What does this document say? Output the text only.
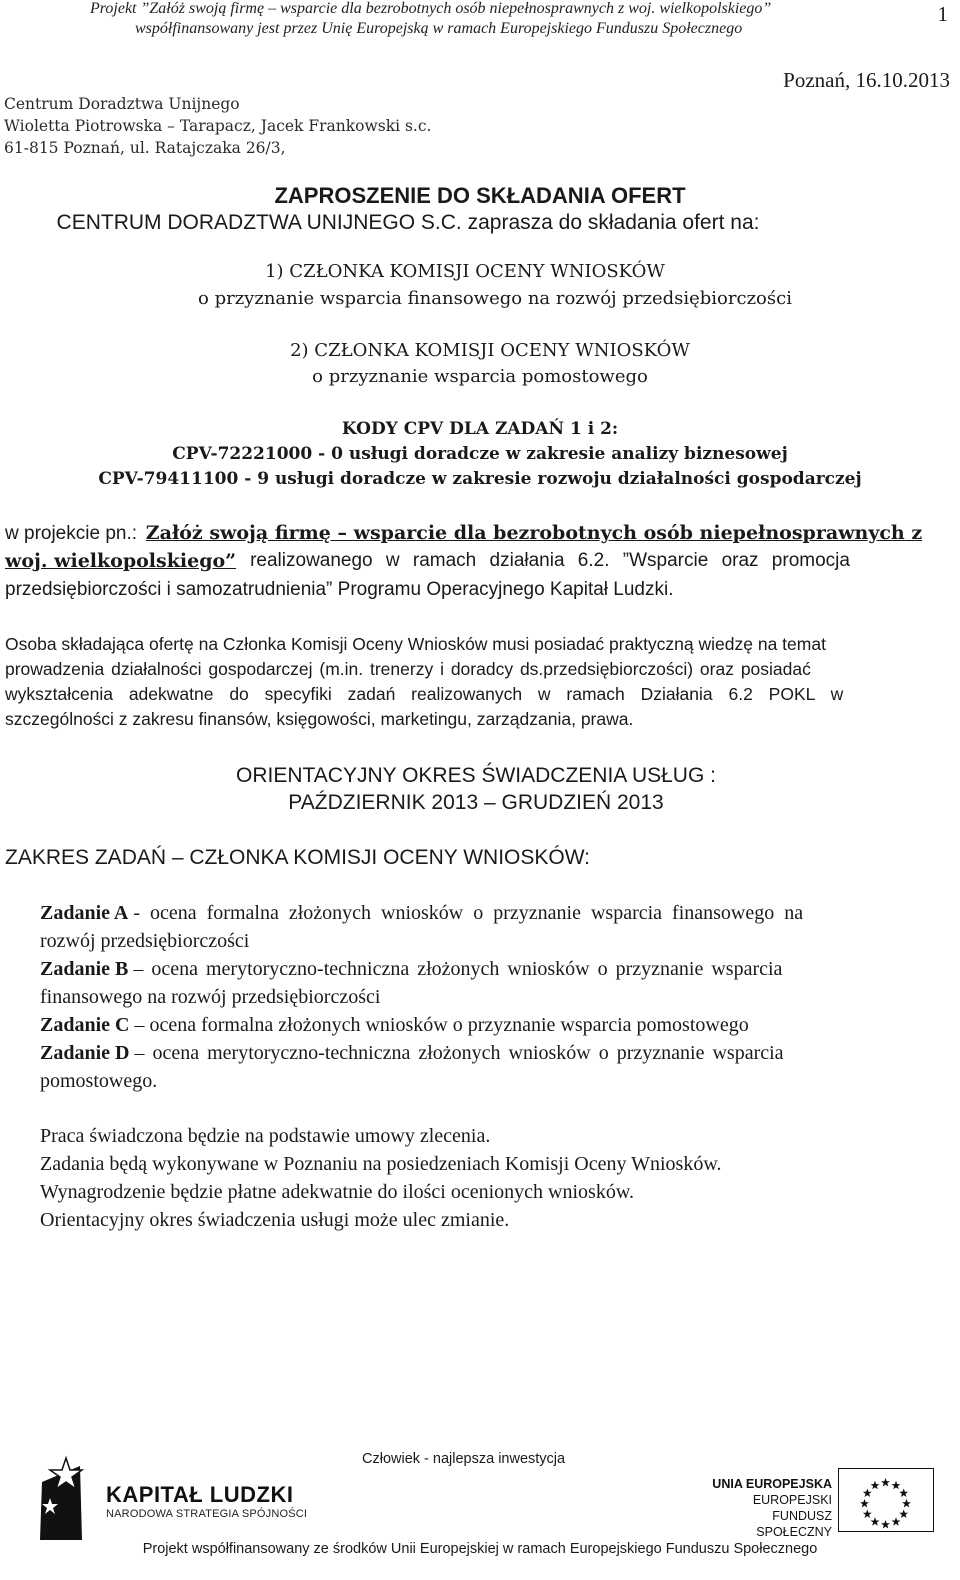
Projekt ”Załóż swoją firmę – wsparcie dla bezrobotnych osób niepełnosprawnych z woj. wielkopolskiego”
współfinansowany jest przez Unię Europejską w ramach Europejskiego Funduszu Społecznego
1
Centrum Doradztwa Unijnego
Wioletta Piotrowska – Tarapacz, Jacek Frankowski s.c.
61-815 Poznań, ul. Ratajczaka 26/3,
Poznań, 16.10.2013
ZAPROSZENIE DO SKŁADANIA OFERT
CENTRUM DORADZTWA UNIJNEGO S.C. zaprasza do składania ofert na:
1) CZŁONKA KOMISJI OCENY WNIOSKÓW
o przyznanie wsparcia finansowego na rozwój przedsiębiorczości
2) CZŁONKA KOMISJI OCENY WNIOSKÓW
o przyznanie wsparcia pomostowego
KODY CPV DLA ZADAŃ 1 i 2:
CPV-72221000 - 0 usługi doradcze w zakresie analizy biznesowej
CPV-79411100 - 9 usługi doradcze w zakresie rozwoju działalności gospodarczej
w projekcie pn.: Załóż swoją firmę – wsparcie dla bezrobotnych osób niepełnosprawnych z
woj. wielkopolskiego” realizowanego w ramach działania 6.2. ”Wsparcie oraz promocja
przedsiębiorczości i samozatrudnienia” Programu Operacyjnego Kapitał Ludzki.
Osoba składająca ofertę na Członka Komisji Oceny Wniosków musi posiadać praktyczną wiedzę na temat
prowadzenia działalności gospodarczej (m.in. trenerzy i doradcy ds.przedsiębiorczości) oraz posiadać
wykształcenia adekwatne do specyfiki zadań realizowanych w ramach Działania 6.2 POKL w
szczególności z zakresu finansów, księgowości, marketingu, zarządzania, prawa.
ORIENTACYJNY OKRES ŚWIADCZENIA USŁUG :
PAŹDZIERNIK 2013 – GRUDZIEŃ 2013
ZAKRES ZADAŃ – CZŁONKA KOMISJI OCENY WNIOSKÓW:
Zadanie A - ocena formalna złożonych wniosków o przyznanie wsparcia finansowego na
rozwój przedsiębiorczości
Zadanie B – ocena merytoryczno-techniczna złożonych wniosków o przyznanie wsparcia
finansowego na rozwój przedsiębiorczości
Zadanie C – ocena formalna złożonych wniosków o przyznanie wsparcia pomostowego
Zadanie D – ocena merytoryczno-techniczna złożonych wniosków o przyznanie wsparcia
pomostowego.
Praca świadczona będzie na podstawie umowy zlecenia.
Zadania będą wykonywane w Poznaniu na posiedzeniach Komisji Oceny Wniosków.
Wynagrodzenie będzie płatne adekwatnie do ilości ocenionych wniosków.
Orientacyjny okres świadczenia usługi może ulec zmianie.
Człowiek - najlepsza inwestycja
KAPITAŁ LUDZKI
NARODOWA STRATEGIA SPÓJNOŚCI
UNIA EUROPEJSKA
EUROPEJSKI
FUNDUSZ SPOŁECZNY
Projekt współfinansowany ze środków Unii Europejskiej w ramach Europejskiego Funduszu Społecznego
